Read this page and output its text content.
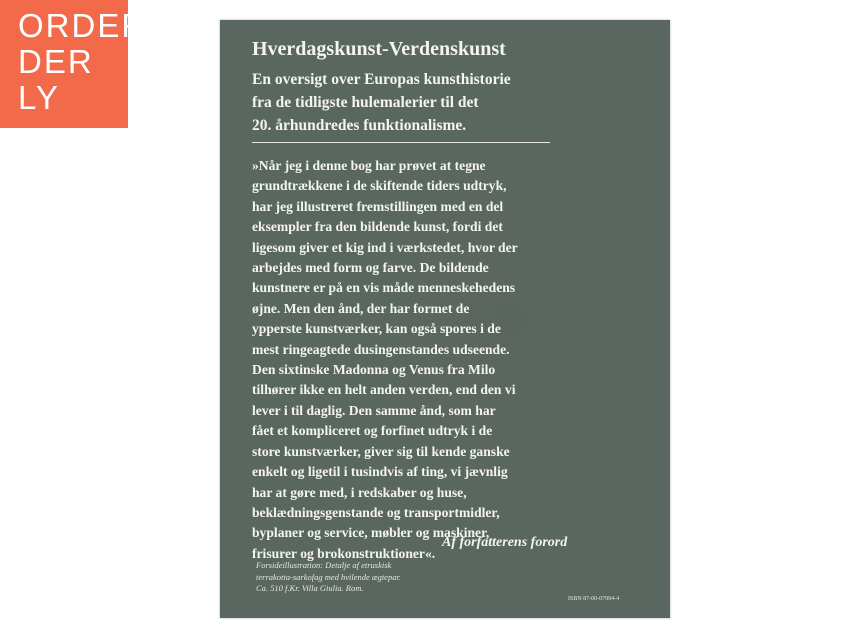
ORDER
DER
LY
Hverdagskunst-Verdenskunst
En oversigt over Europas kunsthistorie
fra de tidligste hulemalerier til det
20. århundredes funktionalisme.
»Når jeg i denne bog har prøvet at tegne
grundtrækkene i de skiftende tiders udtryk,
har jeg illustreret fremstillingen med en del
eksempler fra den bildende kunst, fordi det
ligesom giver et kig ind i værkstedet, hvor der
arbejdes med form og farve. De bildende
kunstnere er på en vis måde menneskehedens
øjne. Men den ånd, der har formet de
ypperste kunstværker, kan også spores i de
mest ringeagtede dusingenstandes udseende.
Den sixtinske Madonna og Venus fra Milo
tilhører ikke en helt anden verden, end den vi
lever i til daglig. Den samme ånd, som har
fået et kompliceret og forfinet udtryk i de
store kunstværker, giver sig til kende ganske
enkelt og ligetil i tusindvis af ting, vi jævnlig
har at gøre med, i redskaber og huse,
beklædningsgenstande og transportmidler,
byplaner og service, møbler og maskiner,
frisurer og brokonstruktioner«.
Af forfatterens forord
Forsideillustration: Detalje af etruskisk
terrakotta-sarkofag med hvilende ægtepar.
Ca. 510 f.Kr. Villa Giulia. Rom.
ISBN 87-00-07994-4
